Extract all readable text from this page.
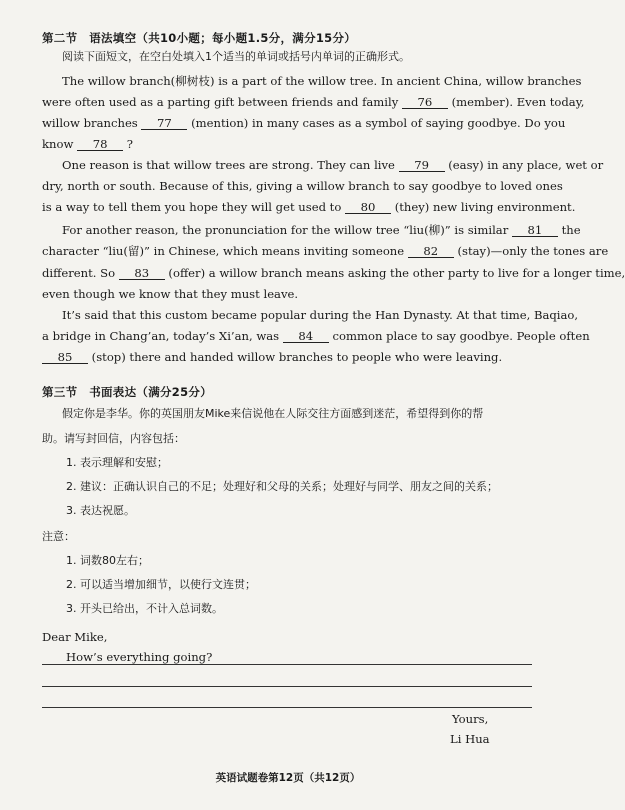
第二节　语法填空（共10小题；每小题1.5分，满分15分）
阅读下面短文，在空白处填入1个适当的单词或括号内单词的正确形式。
The willow branch(柳树枝) is a part of the willow tree. In ancient China, willow branches
were often used as a parting gift between friends and family 76 (member). Even today,
willow branches 77 (mention) in many cases as a symbol of saying goodbye. Do you
know 78 ?
One reason is that willow trees are strong. They can live 79 (easy) in any place, wet or
dry, north or south. Because of this, giving a willow branch to say goodbye to loved ones
is a way to tell them you hope they will get used to 80 (they) new living environment.
For another reason, the pronunciation for the willow tree “liu(柳)” is similar 81 the
character “liu(留)” in Chinese, which means inviting someone 82 (stay)—only the tones are
different. So 83 (offer) a willow branch means asking the other party to live for a longer time,
even though we know that they must leave.
It’s said that this custom became popular during the Han Dynasty. At that time, Baqiao,
a bridge in Chang’an, today’s Xi’an, was 84 common place to say goodbye. People often
85 (stop) there and handed willow branches to people who were leaving.
第三节　书面表达（满分25分）
假定你是李华。你的英国朋友Mike来信说他在人际交往方面感到迷茫，希望得到你的帮
助。请写封回信，内容包括：
1. 表示理解和安慰；
2. 建议：正确认识自己的不足；处理好和父母的关系；处理好与同学、朋友之间的关系；
3. 表达祝愿。
注意：
1. 词数80左右；
2. 可以适当增加细节，以使行文连贯；
3. 开头已给出，不计入总词数。
Dear Mike,
How’s everything going?
Yours,
Li Hua
英语试题卷第12页（共12页）
